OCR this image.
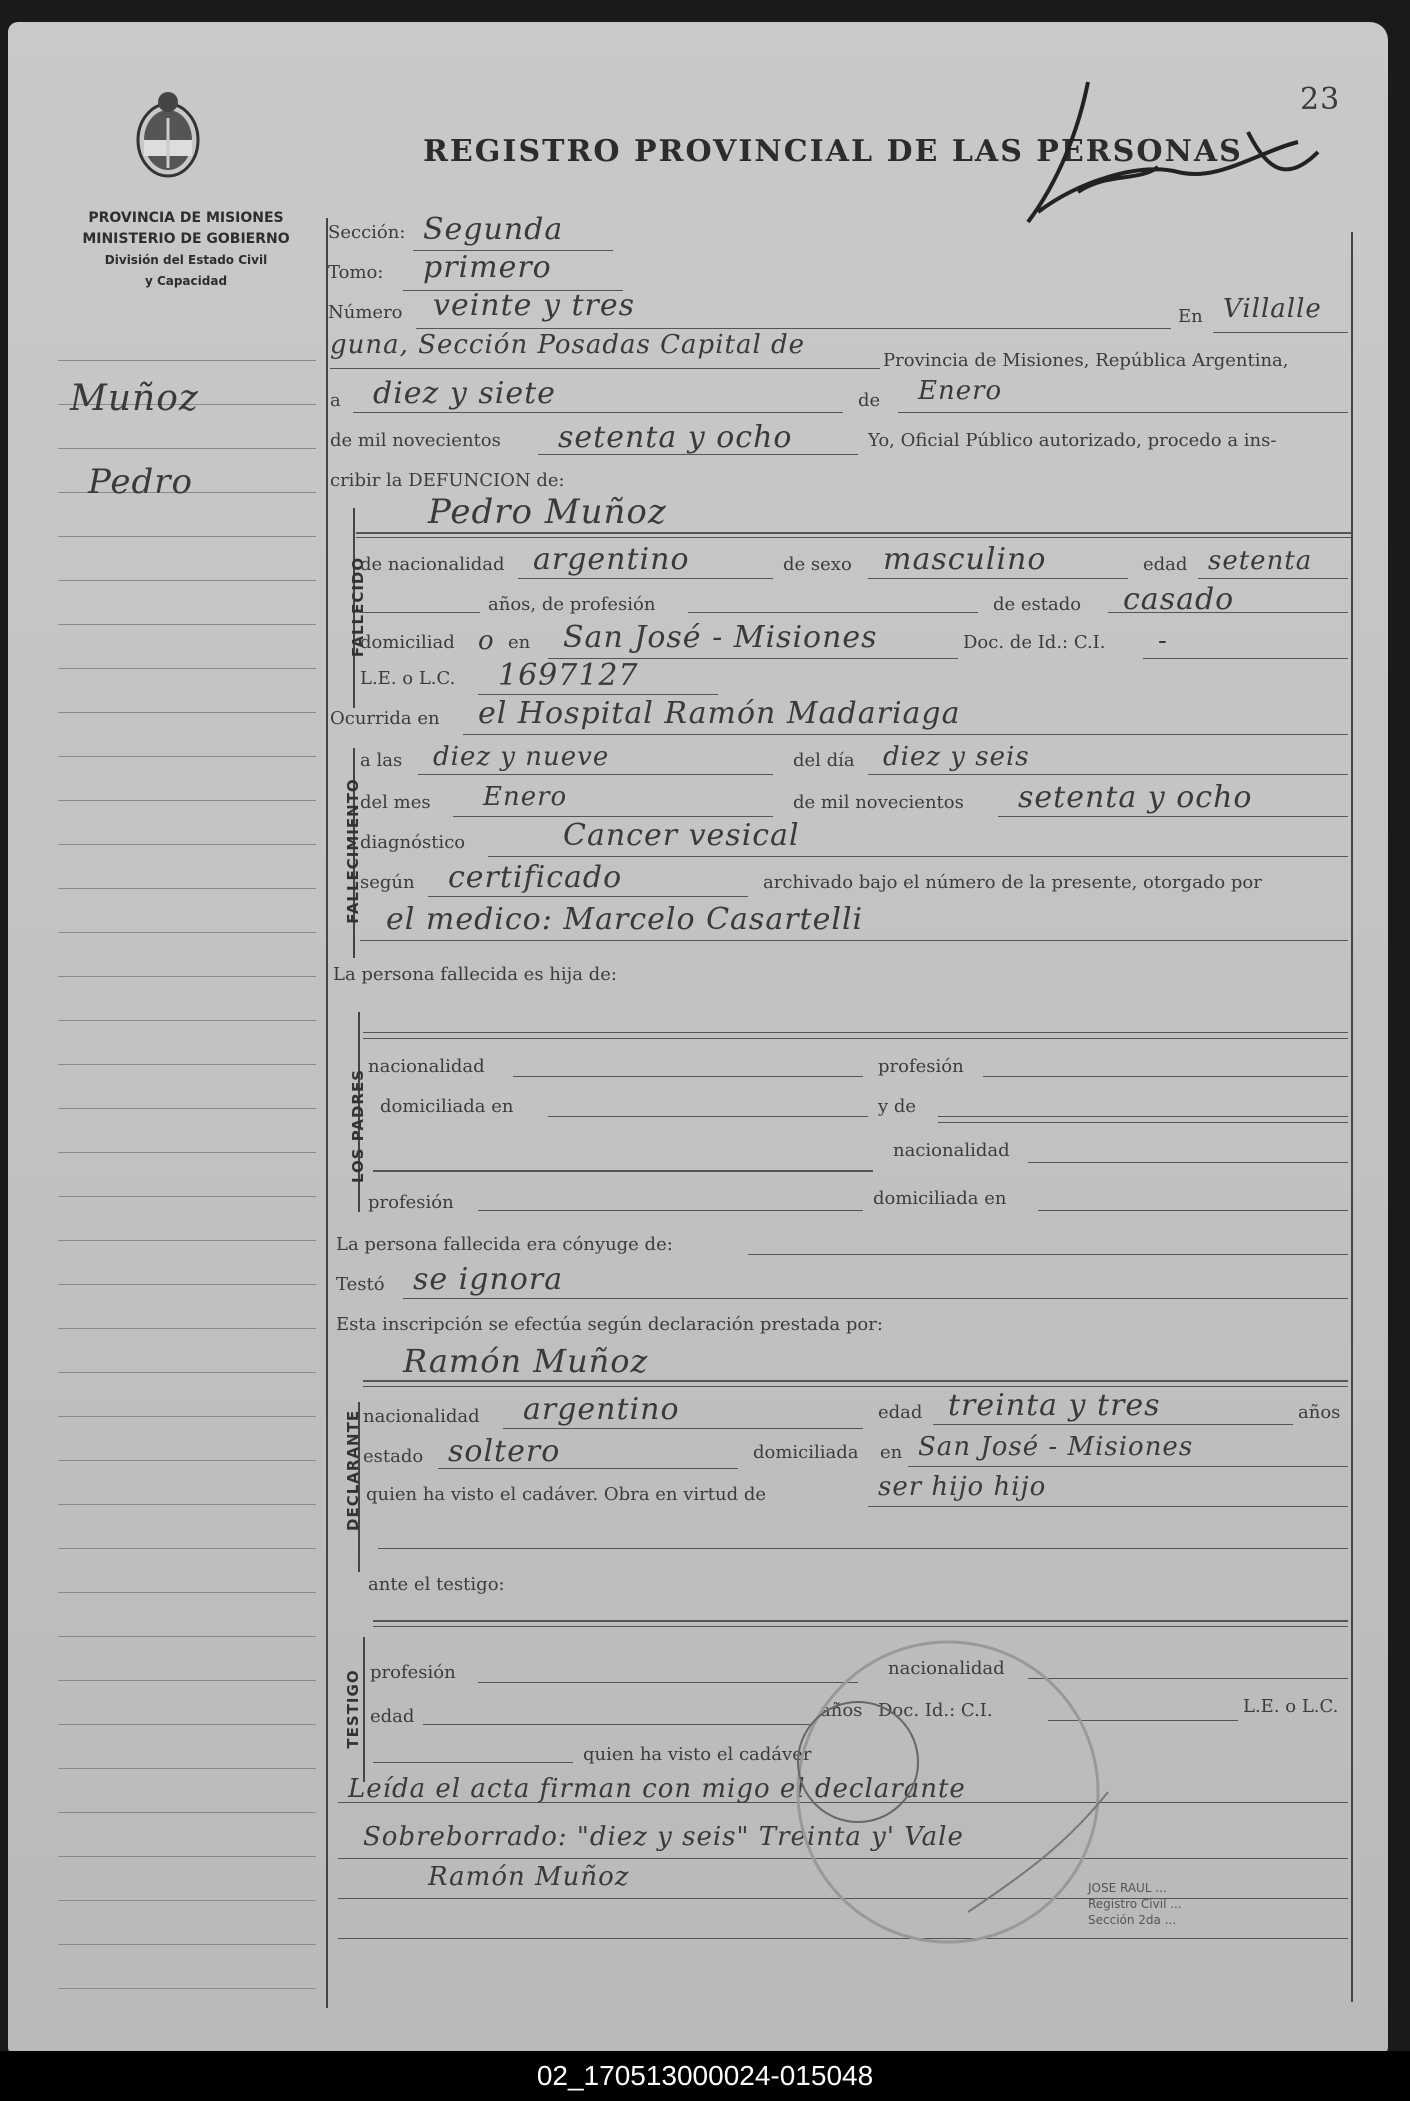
PROVINCIA DE MISIONES
MINISTERIO DE GOBIERNO
División del Estado Civil
y Capacidad
REGISTRO PROVINCIAL DE LAS PERSONAS
23
Muñoz
Pedro
Sección: Segunda
Tomo: primero
Número veinte y tres	En Villalle
guna, Sección Posadas Capital de
Provincia de Misiones, República Argentina,
a diez y siete	de Enero
de mil novecientos setenta y ocho	Yo, Oficial Público autorizado, procedo a ins-
cribir la DEFUNCION de:
FALLECIDO
Pedro Muñoz
de nacionalidad argentino	de sexo masculino	edad setenta
años, de profesión	de estado casado
domiciliad o en San José - Misiones	Doc. de Id.: C.I. -
L.E. o L.C. 1697127
Ocurrida en el Hospital Ramón Madariaga
FALLECIMIENTO
a las diez y nueve	del día diez y seis
del mes Enero	de mil novecientos setenta y ocho
diagnóstico	Cancer vesical
según certificado	archivado bajo el número de la presente, otorgado por
el medico: Marcelo Casartelli
La persona fallecida es hija de:
LOS PADRES
nacionalidad	profesión
domiciliada en	y de
nacionalidad
profesión	domiciliada en
La persona fallecida era cónyuge de:
Testó se ignora
Esta inscripción se efectúa según declaración prestada por:
Ramón Muñoz
DECLARANTE nacionalidad argentino	edad treinta y tres	años
estado soltero	domiciliada en San José - Misiones
quien ha visto el cadáver. Obra en virtud de	ser hijo hijo
ante el testigo:
TESTIGO profesión	nacionalidad
edad	años Doc. Id.: C.I.	L.E. o L.C.
quien ha visto el cadáver
Leída el acta firman con migo el declarante
Sobreborrado: "diez y seis" Treinta y' Vale
Ramón Muñoz	JOSE RAUL ...
Registro Civil ...
Sección 2da ...
02_170513000024-015048
